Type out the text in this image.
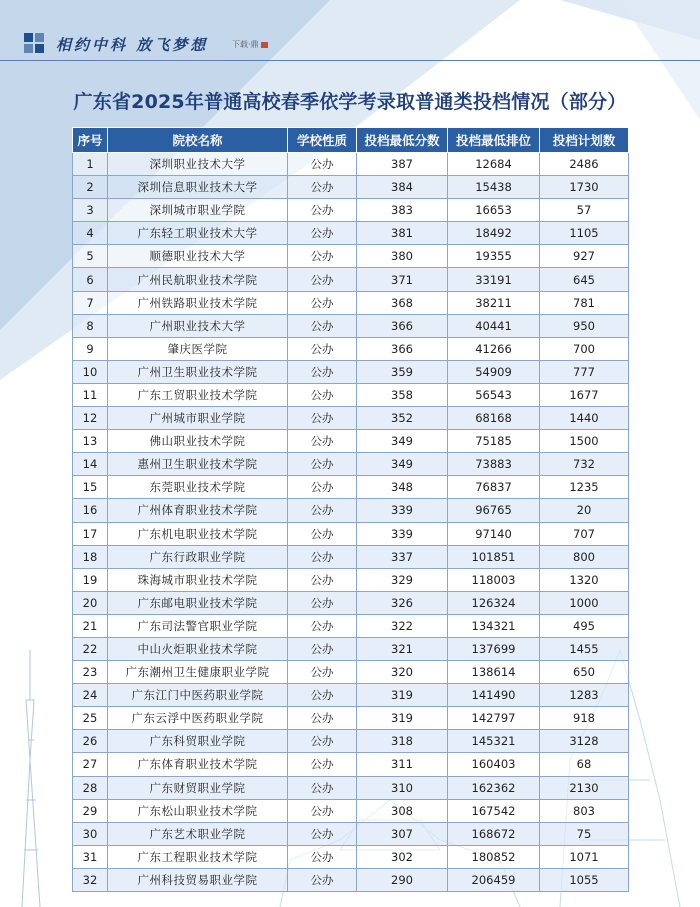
相约中科 放飞梦想	下载·鼎
广东省2025年普通高校春季依学考录取普通类投档情况（部分）
序号	院校名称	学校性质	投档最低分数	投档最低排位	投档计划数
1	深圳职业技术大学	公办	387	12684	2486
2	深圳信息职业技术大学	公办	384	15438	1730
3	深圳城市职业学院	公办	383	16653	57
4	广东轻工职业技术大学	公办	381	18492	1105
5	顺德职业技术大学	公办	380	19355	927
6	广州民航职业技术学院	公办	371	33191	645
7	广州铁路职业技术学院	公办	368	38211	781
8	广州职业技术大学	公办	366	40441	950
9	肇庆医学院	公办	366	41266	700
10	广州卫生职业技术学院	公办	359	54909	777
11	广东工贸职业技术学院	公办	358	56543	1677
12	广州城市职业学院	公办	352	68168	1440
13	佛山职业技术学院	公办	349	75185	1500
14	惠州卫生职业技术学院	公办	349	73883	732
15	东莞职业技术学院	公办	348	76837	1235
16	广州体育职业技术学院	公办	339	96765	20
17	广东机电职业技术学院	公办	339	97140	707
18	广东行政职业学院	公办	337	101851	800
19	珠海城市职业技术学院	公办	329	118003	1320
20	广东邮电职业技术学院	公办	326	126324	1000
21	广东司法警官职业学院	公办	322	134321	495
22	中山火炬职业技术学院	公办	321	137699	1455
23	广东潮州卫生健康职业学院	公办	320	138614	650
24	广东江门中医药职业学院	公办	319	141490	1283
25	广东云浮中医药职业学院	公办	319	142797	918
26	广东科贸职业学院	公办	318	145321	3128
27	广东体育职业技术学院	公办	311	160403	68
28	广东财贸职业学院	公办	310	162362	2130
29	广东松山职业技术学院	公办	308	167542	803
30	广东艺术职业学院	公办	307	168672	75
31	广东工程职业技术学院	公办	302	180852	1071
32	广州科技贸易职业学院	公办	290	206459	1055
